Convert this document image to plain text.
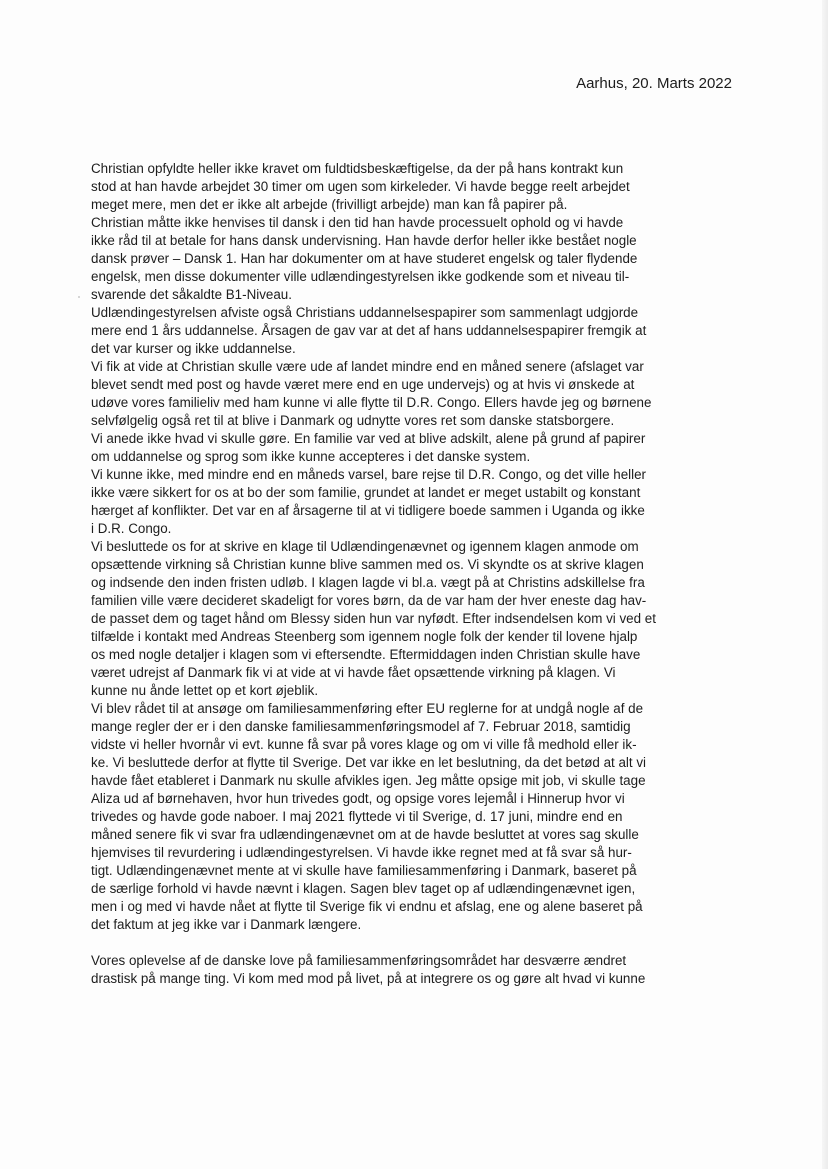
Aarhus, 20. Marts 2022
Christian opfyldte heller ikke kravet om fuldtidsbeskæftigelse, da der på hans kontrakt kun
stod at han havde arbejdet 30 timer om ugen som kirkeleder. Vi havde begge reelt arbejdet
meget mere, men det er ikke alt arbejde (frivilligt arbejde) man kan få papirer på.
Christian måtte ikke henvises til dansk i den tid han havde processuelt ophold og vi havde
ikke råd til at betale for hans dansk undervisning. Han havde derfor heller ikke bestået nogle
dansk prøver – Dansk 1. Han har dokumenter om at have studeret engelsk og taler flydende
engelsk, men disse dokumenter ville udlændingestyrelsen ikke godkende som et niveau til-
svarende det såkaldte B1-Niveau.
Udlændingestyrelsen afviste også Christians uddannelsespapirer som sammenlagt udgjorde
mere end 1 års uddannelse. Årsagen de gav var at det af hans uddannelsespapirer fremgik at
det var kurser og ikke uddannelse.
Vi fik at vide at Christian skulle være ude af landet mindre end en måned senere (afslaget var
blevet sendt med post og havde været mere end en uge undervejs) og at hvis vi ønskede at
udøve vores familieliv med ham kunne vi alle flytte til D.R. Congo. Ellers havde jeg og børnene
selvfølgelig også ret til at blive i Danmark og udnytte vores ret som danske statsborgere.
Vi anede ikke hvad vi skulle gøre. En familie var ved at blive adskilt, alene på grund af papirer
om uddannelse og sprog som ikke kunne accepteres i det danske system.
Vi kunne ikke, med mindre end en måneds varsel, bare rejse til D.R. Congo, og det ville heller
ikke være sikkert for os at bo der som familie, grundet at landet er meget ustabilt og konstant
hærget af konflikter. Det var en af årsagerne til at vi tidligere boede sammen i Uganda og ikke
i D.R. Congo.
Vi besluttede os for at skrive en klage til Udlændingenævnet og igennem klagen anmode om
opsættende virkning så Christian kunne blive sammen med os. Vi skyndte os at skrive klagen
og indsende den inden fristen udløb. I klagen lagde vi bl.a. vægt på at Christins adskillelse fra
familien ville være decideret skadeligt for vores børn, da de var ham der hver eneste dag hav-
de passet dem og taget hånd om Blessy siden hun var nyfødt. Efter indsendelsen kom vi ved et
tilfælde i kontakt med Andreas Steenberg som igennem nogle folk der kender til lovene hjalp
os med nogle detaljer i klagen som vi eftersendte. Eftermiddagen inden Christian skulle have
været udrejst af Danmark fik vi at vide at vi havde fået opsættende virkning på klagen. Vi
kunne nu ånde lettet op et kort øjeblik.
Vi blev rådet til at ansøge om familiesammenføring efter EU reglerne for at undgå nogle af de
mange regler der er i den danske familiesammenføringsmodel af 7. Februar 2018, samtidig
vidste vi heller hvornår vi evt. kunne få svar på vores klage og om vi ville få medhold eller ik-
ke. Vi besluttede derfor at flytte til Sverige. Det var ikke en let beslutning, da det betød at alt vi
havde fået etableret i Danmark nu skulle afvikles igen. Jeg måtte opsige mit job, vi skulle tage
Aliza ud af børnehaven, hvor hun trivedes godt, og opsige vores lejemål i Hinnerup hvor vi
trivedes og havde gode naboer. I maj 2021 flyttede vi til Sverige, d. 17 juni, mindre end en
måned senere fik vi svar fra udlændingenævnet om at de havde besluttet at vores sag skulle
hjemvises til revurdering i udlændingestyrelsen. Vi havde ikke regnet med at få svar så hur-
tigt. Udlændingenævnet mente at vi skulle have familiesammenføring i Danmark, baseret på
de særlige forhold vi havde nævnt i klagen. Sagen blev taget op af udlændingenævnet igen,
men i og med vi havde nået at flytte til Sverige fik vi endnu et afslag, ene og alene baseret på
det faktum at jeg ikke var i Danmark længere.
Vores oplevelse af de danske love på familiesammenføringsområdet har desværre ændret
drastisk på mange ting. Vi kom med mod på livet, på at integrere os og gøre alt hvad vi kunne
